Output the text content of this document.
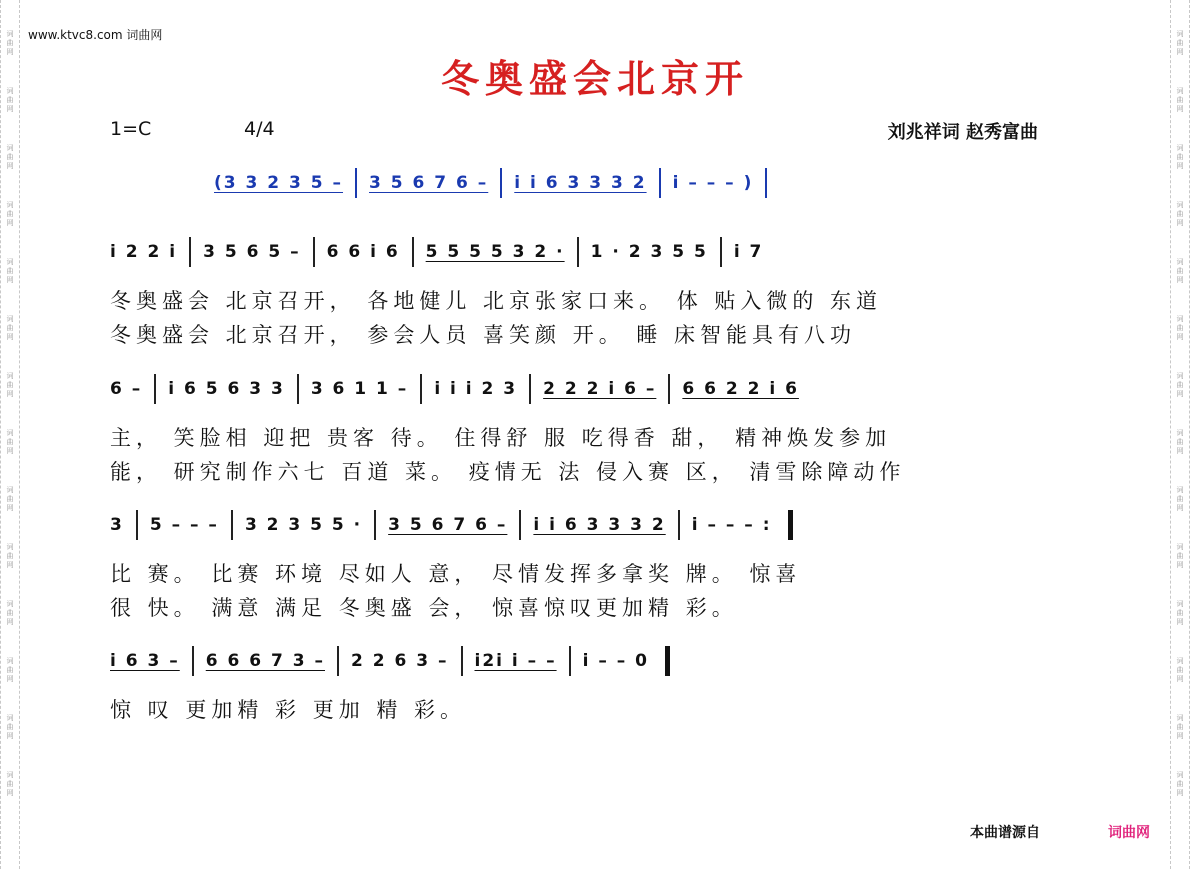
词曲网
词曲网
词曲网
词曲网
词曲网
词曲网
词曲网
词曲网
词曲网
词曲网
词曲网
词曲网
词曲网
词曲网
词曲网
词曲网
词曲网
词曲网
词曲网
词曲网
词曲网
词曲网
词曲网
词曲网
词曲网
词曲网
词曲网
词曲网
www.ktvc8.com 词曲网
冬奥盛会北京开
1=C	4/4	刘兆祥词 赵秀富曲
(3 3 2 3 5 – 3 5 6 7 6 – i i 6 3 3 3 2 i – – – )
i 2 2 i 3 5 6 5 – 6 6 i 6 5 5 5 5 3 2 · 1 · 2 3 5 5 i 7
冬奥盛会 北京召开， 各地健儿 北京张家口来。 体 贴入微的 东道
冬奥盛会 北京召开， 参会人员 喜笑颜 开。 睡 床智能具有八功
6 – i 6 5 6 3 3 3 6 1 1 – i i i 2 3 2 2 2 i 6 – 6 6 2 2 i 6
主， 笑脸相 迎把 贵客 待。 住得舒 服 吃得香 甜， 精神焕发参加
能， 研究制作六七 百道 菜。 疫情无 法 侵入赛 区， 清雪除障动作
3 5 – – – 3 2 3 5 5 · 3 5 6 7 6 – i i 6 3 3 3 2 i – – – :
比 赛。 比赛 环境 尽如人 意， 尽情发挥多拿奖 牌。 惊喜
很 快。 满意 满足 冬奥盛 会， 惊喜惊叹更加精 彩。
i 6 3 – 6 6 6 7 3 – 2 2 6 3 – i2i i – – i – – 0
惊 叹 更加精 彩 更加 精 彩。
本曲谱源自	词曲网
